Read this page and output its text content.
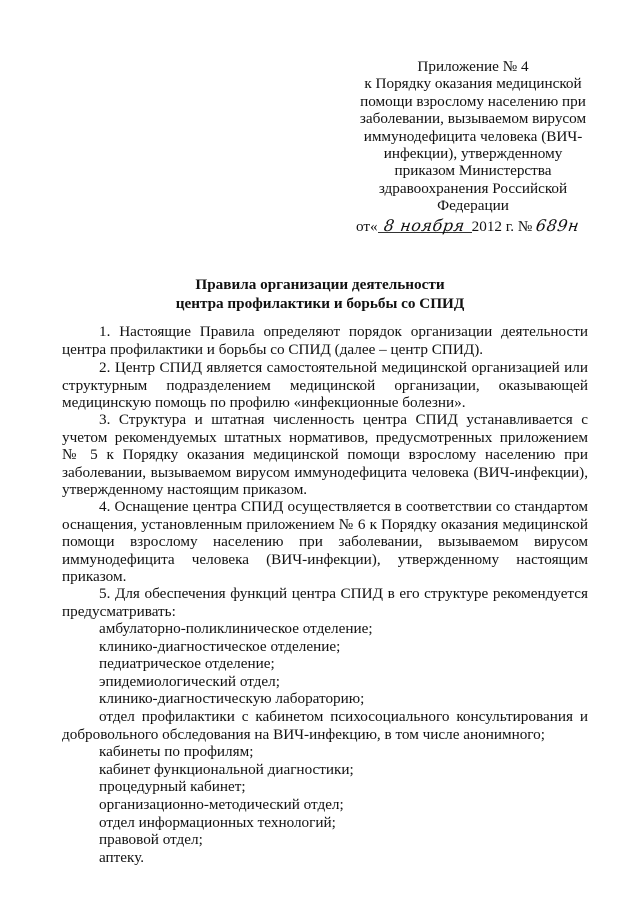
Приложение № 4
к Порядку оказания медицинской
помощи взрослому населению при
заболевании, вызываемом вирусом
иммунодефицита человека (ВИЧ-
инфекции), утвержденному
приказом Министерства
здравоохранения Российской
Федерации
от« 8 ноября 2012 г. № 689н
Правила организации деятельности
центра профилактики и борьбы со СПИД
1. Настоящие Правила определяют порядок организации деятельности центра профилактики и борьбы со СПИД (далее – центр СПИД).
2. Центр СПИД является самостоятельной медицинской организацией или структурным подразделением медицинской организации, оказывающей медицинскую помощь по профилю «инфекционные болезни».
3. Структура и штатная численность центра СПИД устанавливается с учетом рекомендуемых штатных нормативов, предусмотренных приложением № 5 к Порядку оказания медицинской помощи взрослому населению при заболевании, вызываемом вирусом иммунодефицита человека (ВИЧ-инфекции), утвержденному настоящим приказом.
4. Оснащение центра СПИД осуществляется в соответствии со стандартом оснащения, установленным приложением № 6 к Порядку оказания медицинской помощи взрослому населению при заболевании, вызываемом вирусом иммунодефицита человека (ВИЧ-инфекции), утвержденному настоящим приказом.
5. Для обеспечения функций центра СПИД в его структуре рекомендуется предусматривать:
амбулаторно-поликлиническое отделение;
клинико-диагностическое отделение;
педиатрическое отделение;
эпидемиологический отдел;
клинико-диагностическую лабораторию;
отдел профилактики с кабинетом психосоциального консультирования и добровольного обследования на ВИЧ-инфекцию, в том числе анонимного;
кабинеты по профилям;
кабинет функциональной диагностики;
процедурный кабинет;
организационно-методический отдел;
отдел информационных технологий;
правовой отдел;
аптеку.
